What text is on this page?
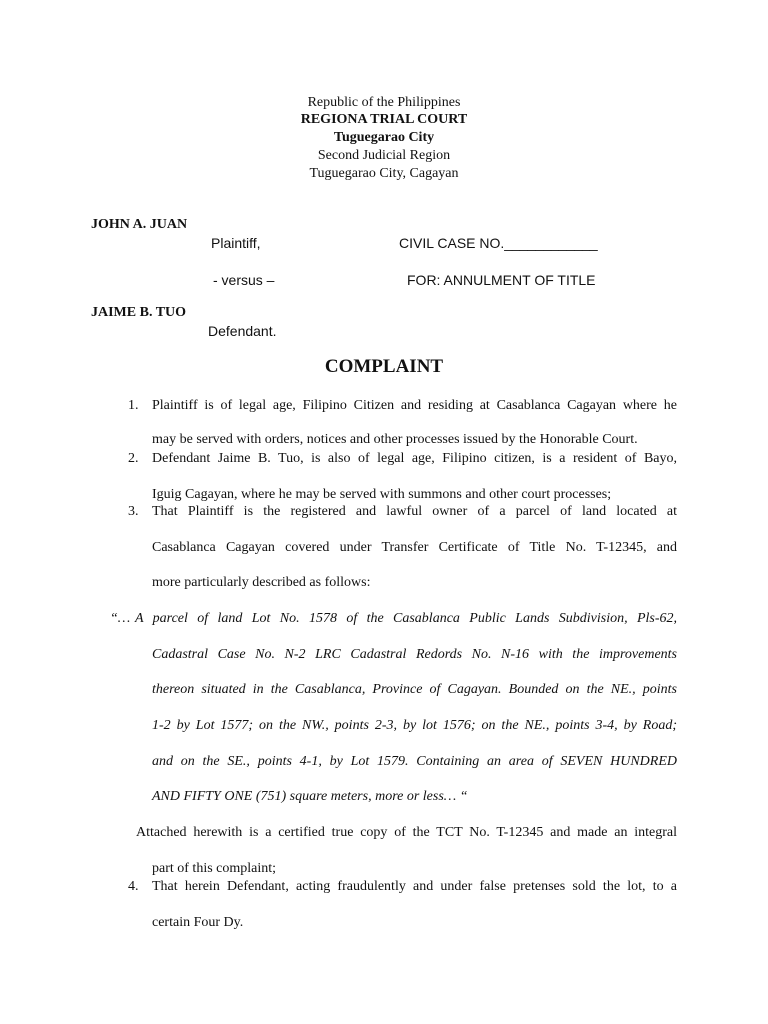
Republic of the Philippines
REGIONA TRIAL COURT
Tuguegarao City
Second Judicial Region
Tuguegarao City, Cagayan
JOHN A. JUAN
Plaintiff,	CIVIL CASE NO.____________
- versus –	FOR: ANNULMENT OF TITLE
JAIME B. TUO
Defendant.
COMPLAINT
1. Plaintiff is of legal age, Filipino Citizen and residing at Casablanca Cagayan where he
may be served with orders, notices and other processes issued by the Honorable Court.
2. Defendant Jaime B. Tuo, is also of legal age, Filipino citizen, is a resident of Bayo,
Iguig Cagayan, where he may be served with summons and other court processes;
3. That Plaintiff is the registered and lawful owner of a parcel of land located at
Casablanca Cagayan covered under Transfer Certificate of Title No. T-12345, and
more particularly described as follows:
“… A parcel of land Lot No. 1578 of the Casablanca Public Lands Subdivision, Pls-62,
Cadastral Case No. N-2 LRC Cadastral Redords No. N-16 with the improvements
thereon situated in the Casablanca, Province of Cagayan. Bounded on the NE., points
1-2 by Lot 1577; on the NW., points 2-3, by lot 1576; on the NE., points 3-4, by Road;
and on the SE., points 4-1, by Lot 1579. Containing an area of SEVEN HUNDRED
AND FIFTY ONE (751) square meters, more or less… “
Attached herewith is a certified true copy of the TCT No. T-12345 and made an integral
part of this complaint;
4. That herein Defendant, acting fraudulently and under false pretenses sold the lot, to a
certain Four Dy.
